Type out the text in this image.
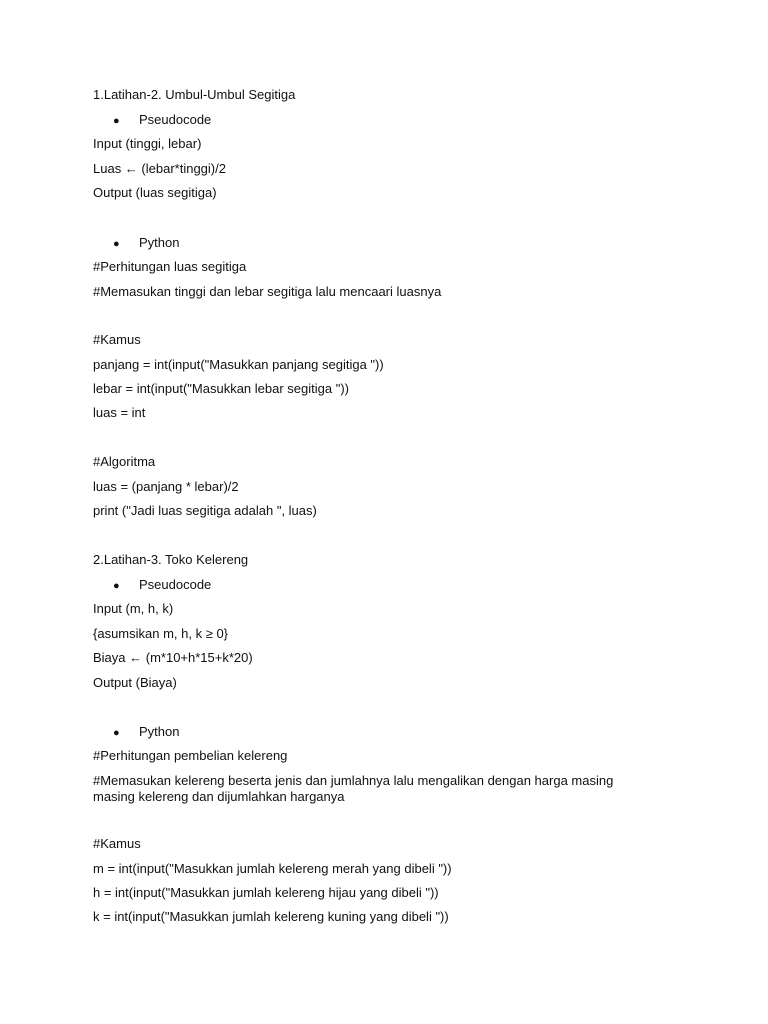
1.Latihan-2. Umbul-Umbul Segitiga
● Pseudocode
Input (tinggi, lebar)
Luas ← (lebar*tinggi)/2
Output (luas segitiga)
● Python
#Perhitungan luas segitiga
#Memasukan tinggi dan lebar segitiga lalu mencaari luasnya
#Kamus
panjang = int(input("Masukkan panjang segitiga "))
lebar = int(input("Masukkan lebar segitiga "))
luas = int
#Algoritma
luas = (panjang * lebar)/2
print ("Jadi luas segitiga adalah ", luas)
2.Latihan-3. Toko Kelereng
● Pseudocode
Input (m, h, k)
{asumsikan m, h, k ≥ 0}
Biaya ← (m*10+h*15+k*20)
Output (Biaya)
● Python
#Perhitungan pembelian kelereng
#Memasukan kelereng beserta jenis dan jumlahnya lalu mengalikan dengan harga masing masing kelereng dan dijumlahkan harganya
#Kamus
m = int(input("Masukkan jumlah kelereng merah yang dibeli "))
h = int(input("Masukkan jumlah kelereng hijau yang dibeli "))
k = int(input("Masukkan jumlah kelereng kuning yang dibeli "))
